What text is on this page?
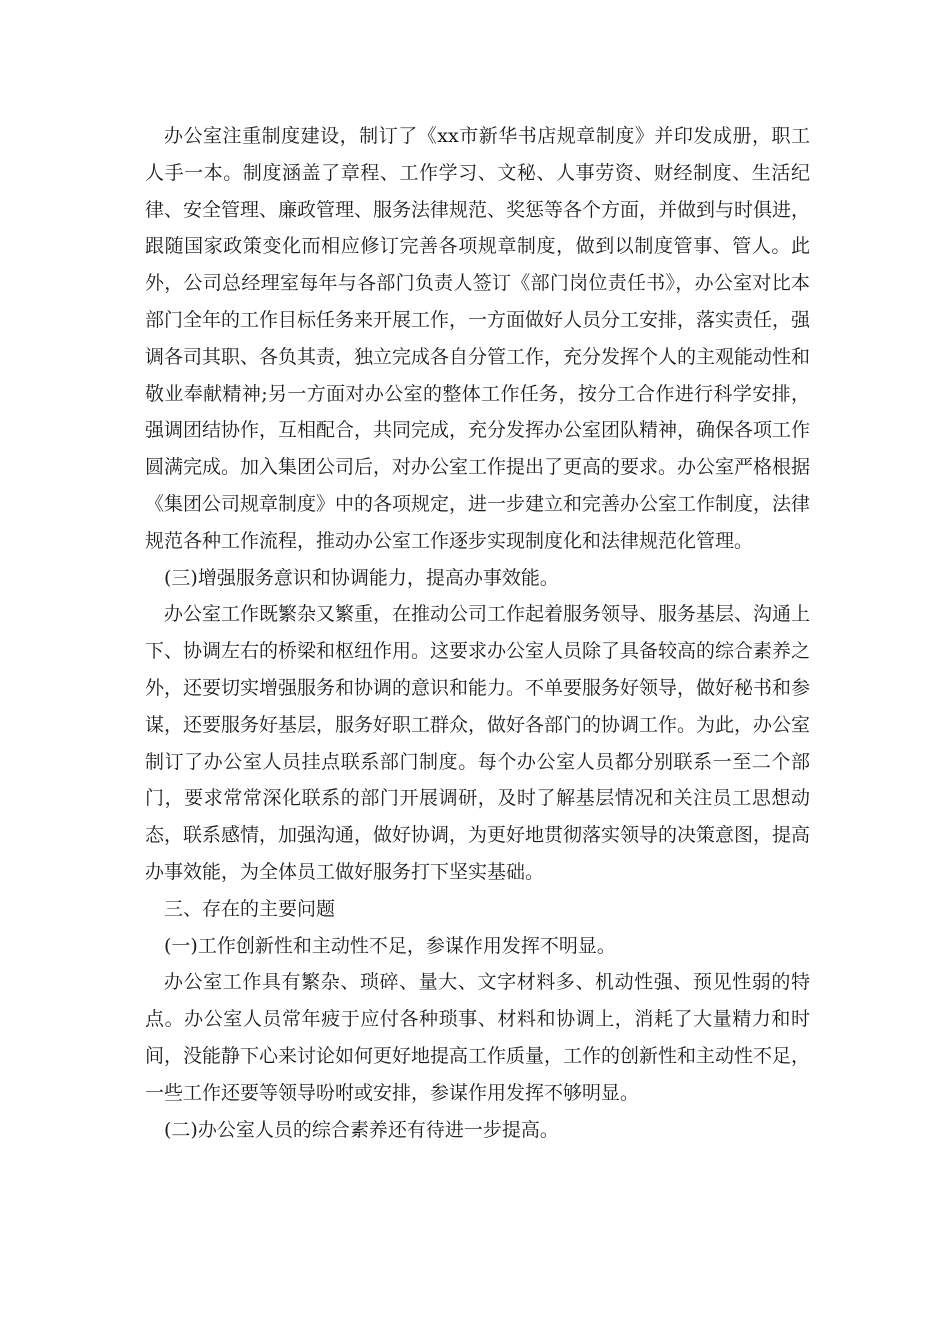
办公室注重制度建设，制订了《xx市新华书店规章制度》并印发成册，职工人手一本。制度涵盖了章程、工作学习、文秘、人事劳资、财经制度、生活纪律、安全管理、廉政管理、服务法律规范、奖惩等各个方面，并做到与时俱进，跟随国家政策变化而相应修订完善各项规章制度，做到以制度管事、管人。此外，公司总经理室每年与各部门负责人签订《部门岗位责任书》，办公室对比本部门全年的工作目标任务来开展工作，一方面做好人员分工安排，落实责任，强调各司其职、各负其责，独立完成各自分管工作，充分发挥个人的主观能动性和敬业奉献精神;另一方面对办公室的整体工作任务，按分工合作进行科学安排，强调团结协作，互相配合，共同完成，充分发挥办公室团队精神，确保各项工作圆满完成。加入集团公司后，对办公室工作提出了更高的要求。办公室严格根据《集团公司规章制度》中的各项规定，进一步建立和完善办公室工作制度，法律规范各种工作流程，推动办公室工作逐步实现制度化和法律规范化管理。

(三)增强服务意识和协调能力，提高办事效能。

办公室工作既繁杂又繁重，在推动公司工作起着服务领导、服务基层、沟通上下、协调左右的桥梁和枢纽作用。这要求办公室人员除了具备较高的综合素养之外，还要切实增强服务和协调的意识和能力。不单要服务好领导，做好秘书和参谋，还要服务好基层，服务好职工群众，做好各部门的协调工作。为此，办公室制订了办公室人员挂点联系部门制度。每个办公室人员都分别联系一至二个部门，要求常常深化联系的部门开展调研，及时了解基层情况和关注员工思想动态，联系感情，加强沟通，做好协调，为更好地贯彻落实领导的决策意图，提高办事效能，为全体员工做好服务打下坚实基础。

三、存在的主要问题

(一)工作创新性和主动性不足，参谋作用发挥不明显。

办公室工作具有繁杂、琐碎、量大、文字材料多、机动性强、预见性弱的特点。办公室人员常年疲于应付各种琐事、材料和协调上，消耗了大量精力和时间，没能静下心来讨论如何更好地提高工作质量，工作的创新性和主动性不足，一些工作还要等领导吩咐或安排，参谋作用发挥不够明显。

(二)办公室人员的综合素养还有待进一步提高。
